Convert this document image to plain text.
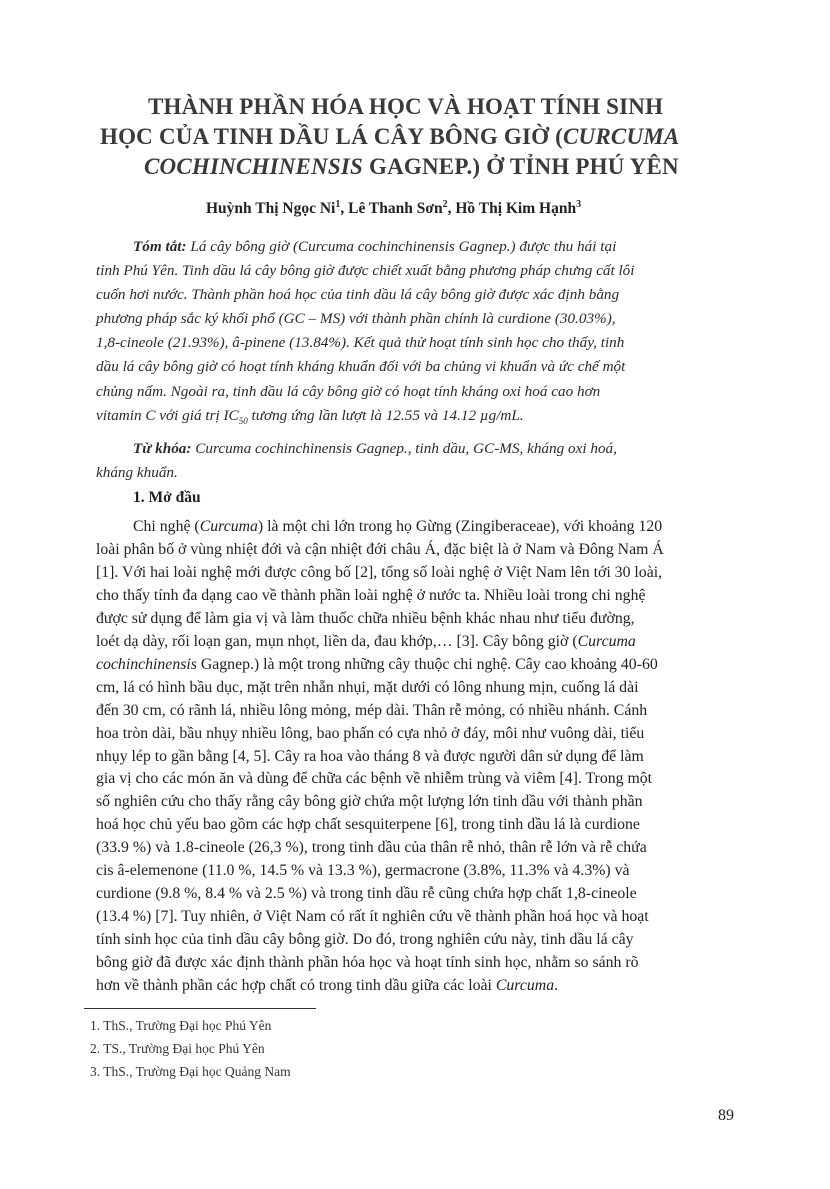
THÀNH PHẦN HÓA HỌC VÀ HOẠT TÍNH SINH
HỌC CỦA TINH DẦU LÁ CÂY BÔNG GIỜ (CURCUMA
COCHINCHINENSIS GAGNEP.) Ở TỈNH PHÚ YÊN

Huỳnh Thị Ngọc Ni$^1$, Lê Thanh Sơn$^2$, Hồ Thị Kim Hạnh$^3$

Tóm tắt: Lá cây bông giờ (Curcuma cochinchinensis Gagnep.) được thu hái tại
tỉnh Phú Yên. Tinh dầu lá cây bông giờ được chiết xuất bằng phương pháp chưng cất lôi
cuốn hơi nước. Thành phần hoá học của tinh dầu lá cây bông giờ được xác định bằng
phương pháp sắc ký khối phổ (GC – MS) với thành phần chính là curdione (30.03%),
1,8-cineole (21.93%), â-pinene (13.84%). Kết quả thử hoạt tính sinh học cho thấy, tinh
dầu lá cây bông giờ có hoạt tính kháng khuẩn đối với ba chủng vi khuẩn và ức chế một
chủng nấm. Ngoài ra, tinh dầu lá cây bông giờ có hoạt tính kháng oxi hoá cao hơn
vitamin C với giá trị $IC_{50}$ tương ứng lần lượt là 12.55 và 14.12 µg/mL.
Từ khóa: Curcuma cochinchinensis Gagnep., tinh dầu, GC-MS, kháng oxi hoá,
kháng khuẩn.
1. Mở đầu
Chi nghệ (Curcuma) là một chi lớn trong họ Gừng (Zingiberaceae), với khoảng 120
loài phân bố ở vùng nhiệt đới và cận nhiệt đới châu Á, đặc biệt là ở Nam và Đông Nam Á
[1]. Với hai loài nghệ mới được công bố [2], tổng số loài nghệ ở Việt Nam lên tới 30 loài,
cho thấy tính đa dạng cao về thành phần loài nghệ ở nước ta. Nhiều loài trong chi nghệ
được sử dụng để làm gia vị và làm thuốc chữa nhiều bệnh khác nhau như tiểu đường,
loét dạ dày, rối loạn gan, mụn nhọt, liền da, đau khớp,… [3]. Cây bông giờ (Curcuma
cochinchinensis Gagnep.) là một trong những cây thuộc chi nghệ. Cây cao khoảng 40-60
cm, lá có hình bầu dục, mặt trên nhẵn nhụi, mặt dưới có lông nhung mịn, cuống lá dài
đến 30 cm, có rãnh lá, nhiều lông mỏng, mép dài. Thân rễ mỏng, có nhiều nhánh. Cánh
hoa tròn dài, bầu nhụy nhiều lông, bao phấn có cựa nhỏ ở đáy, môi như vuông dài, tiểu
nhụy lép to gần bằng [4, 5]. Cây ra hoa vào tháng 8 và được người dân sử dụng để làm
gia vị cho các món ăn và dùng để chữa các bệnh về nhiễm trùng và viêm [4]. Trong một
số nghiên cứu cho thấy rằng cây bông giờ chứa một lượng lớn tinh dầu với thành phần
hoá học chủ yếu bao gồm các hợp chất sesquiterpene [6], trong tinh dầu lá là curdione
(33.9 %) và 1.8-cineole (26,3 %), trong tinh dầu của thân rễ nhỏ, thân rễ lớn và rễ chứa
cis â-elemenone (11.0 %, 14.5 % và 13.3 %), germacrone (3.8%, 11.3% và 4.3%) và
curdione (9.8 %, 8.4 % và 2.5 %) và trong tinh dầu rễ cũng chứa hợp chất 1,8-cineole
(13.4 %) [7]. Tuy nhiên, ở Việt Nam có rất ít nghiên cứu về thành phần hoá học và hoạt
tính sinh học của tinh dầu cây bông giờ. Do đó, trong nghiên cứu này, tinh dầu lá cây
bông giờ đã được xác định thành phần hóa học và hoạt tính sinh học, nhằm so sánh rõ
hơn về thành phần các hợp chất có trong tinh dầu giữa các loài Curcuma.
1. ThS., Trường Đại học Phú Yên
2. TS., Trường Đại học Phú Yên
3. ThS., Trường Đại học Quảng Nam

89
